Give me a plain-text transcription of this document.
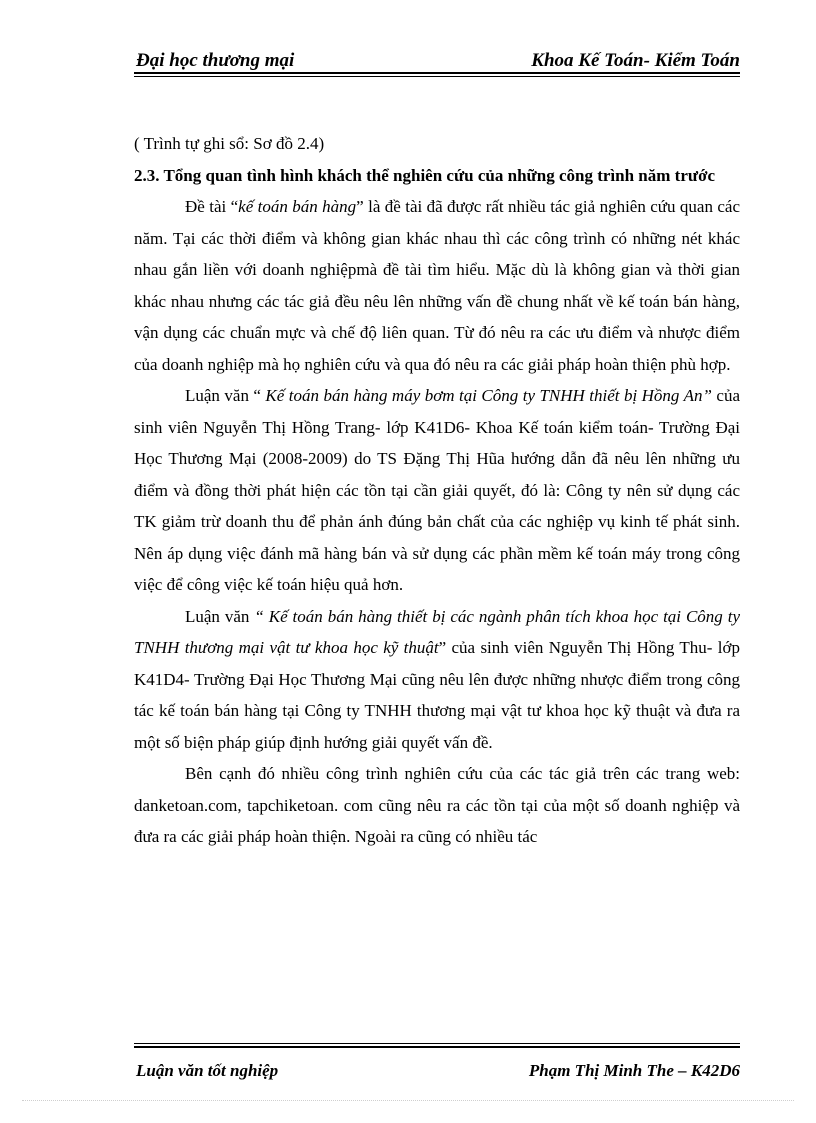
Đại học thương mại	Khoa Kế Toán- Kiểm Toán

( Trình tự ghi sổ: Sơ đồ 2.4)

2.3. Tổng quan tình hình khách thể nghiên cứu của những công trình năm trước

Đề tài “kế toán bán hàng” là đề tài đã được rất nhiều tác giả nghiên cứu quan các năm. Tại các thời điểm và không gian khác nhau thì các công trình có những nét khác nhau gắn liền với doanh nghiệpmà đề tài tìm hiểu. Mặc dù là không gian và thời gian khác nhau nhưng các tác giả đều nêu lên những vấn đề chung nhất về kế toán bán hàng, vận dụng các chuẩn mực và chế độ liên quan. Từ đó nêu ra các ưu điểm và nhược điểm của doanh nghiệp mà họ nghiên cứu và qua đó nêu ra các giải pháp hoàn thiện phù hợp.

Luận văn “ Kế toán bán hàng máy bơm tại Công ty TNHH thiết bị Hồng An” của sinh viên Nguyễn Thị Hồng Trang- lớp K41D6- Khoa Kế toán kiểm toán- Trường Đại Học Thương Mại (2008-2009) do TS Đặng Thị Hũa hướng dẫn đã nêu lên những ưu điểm và đồng thời phát hiện các tồn tại cần giải quyết, đó là: Công ty nên sử dụng các TK giảm trừ doanh thu để phản ánh đúng bản chất của các nghiệp vụ kinh tế phát sinh. Nên áp dụng việc đánh mã hàng bán và sử dụng các phần mềm kế toán máy trong công việc để công việc kế toán hiệu quả hơn.

Luận văn “ Kế toán bán hàng thiết bị các ngành phân tích khoa học tại Công ty TNHH thương mại vật tư khoa học kỹ thuật” của sinh viên Nguyễn Thị Hồng Thu- lớp K41D4- Trường Đại Học Thương Mại cũng nêu lên được những nhược điểm trong công tác kế toán bán hàng tại Công ty TNHH thương mại vật tư khoa học kỹ thuật và đưa ra một số biện pháp giúp định hướng giải quyết vấn đề.

Bên cạnh đó nhiều công trình nghiên cứu của các tác giả trên các trang web: danketoan.com, tapchiketoan. com cũng nêu ra các tồn tại của một số doanh nghiệp và đưa ra các giải pháp hoàn thiện. Ngoài ra cũng có nhiều tác

Luận văn tốt nghiệp	Phạm Thị Minh The – K42D6
